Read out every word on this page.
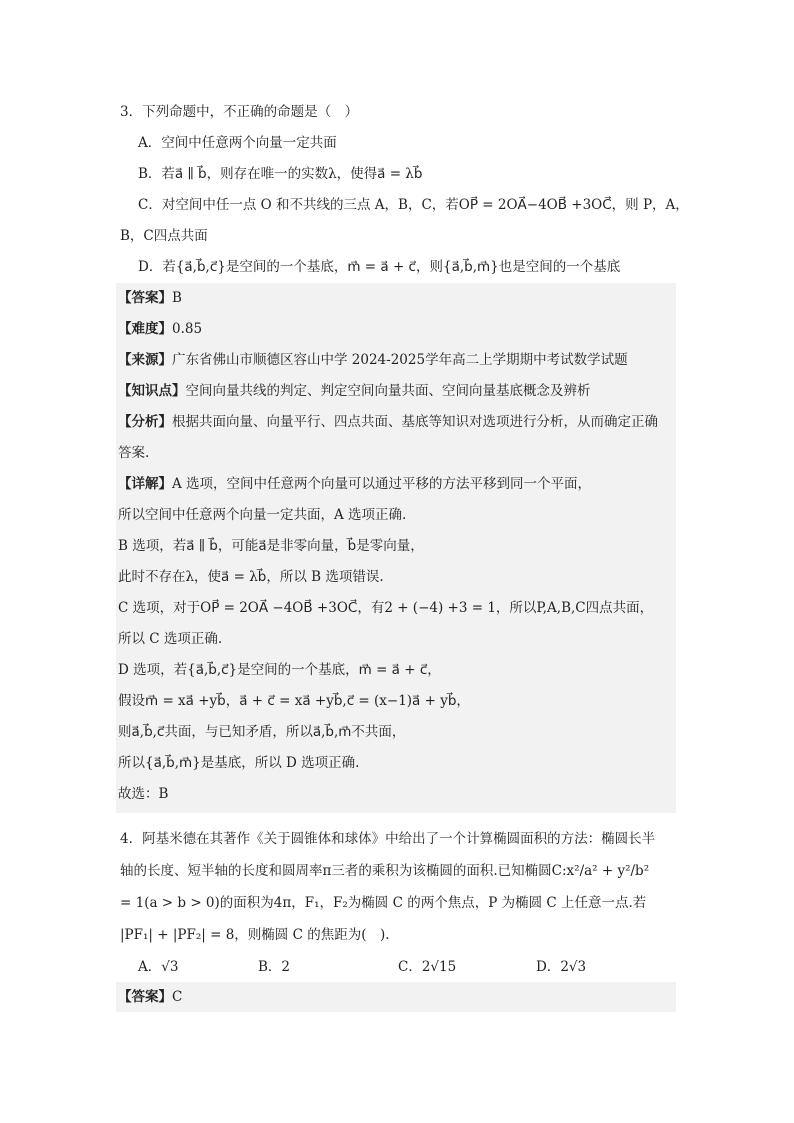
3．下列命题中，不正确的命题是（　）
A．空间中任意两个向量一定共面
B．若a⃗ ∥ b⃗，则存在唯一的实数λ，使得a⃗ = λb⃗
C．对空间中任一点 O 和不共线的三点 A，B，C，若OP⃗ = 2OA⃗−4OB⃗ +3OC⃗，则 P，A，
B，C四点共面
D．若{a⃗,b⃗,c⃗}是空间的一个基底，m⃗ = a⃗ + c⃗，则{a⃗,b⃗,m⃗}也是空间的一个基底
【答案】B
【难度】0.85
【来源】广东省佛山市顺德区容山中学 2024-2025学年高二上学期期中考试数学试题
【知识点】空间向量共线的判定、判定空间向量共面、空间向量基底概念及辨析
【分析】根据共面向量、向量平行、四点共面、基底等知识对选项进行分析，从而确定正确
答案.
【详解】A 选项，空间中任意两个向量可以通过平移的方法平移到同一个平面，
所以空间中任意两个向量一定共面，A 选项正确.
B 选项，若a⃗ ∥ b⃗，可能a⃗是非零向量，b⃗是零向量，
此时不存在λ，使a⃗ = λb⃗，所以 B 选项错误.
C 选项，对于OP⃗ = 2OA⃗ −4OB⃗ +3OC⃗，有2 + (−4) +3 = 1，所以P,A,B,C四点共面，
所以 C 选项正确.
D 选项，若{a⃗,b⃗,c⃗}是空间的一个基底，m⃗ = a⃗ + c⃗，
假设m⃗ = xa⃗ +yb⃗，a⃗ + c⃗ = xa⃗ +yb⃗,c⃗ = (x−1)a⃗ + yb⃗，
则a⃗,b⃗,c⃗共面，与已知矛盾，所以a⃗,b⃗,m⃗不共面，
所以{a⃗,b⃗,m⃗}是基底，所以 D 选项正确.
故选：B
4．阿基米德在其著作《关于圆锥体和球体》中给出了一个计算椭圆面积的方法：椭圆长半
轴的长度、短半轴的长度和圆周率π三者的乘积为该椭圆的面积.已知椭圆C:x²/a² + y²/b²
= 1(a > b > 0)的面积为4π，F₁，F₂为椭圆 C 的两个焦点，P 为椭圆 C 上任意一点.若
|PF₁| + |PF₂| = 8，则椭圆 C 的焦距为(　).
A．√3	B．2	C．2√15	D．2√3
【答案】C
